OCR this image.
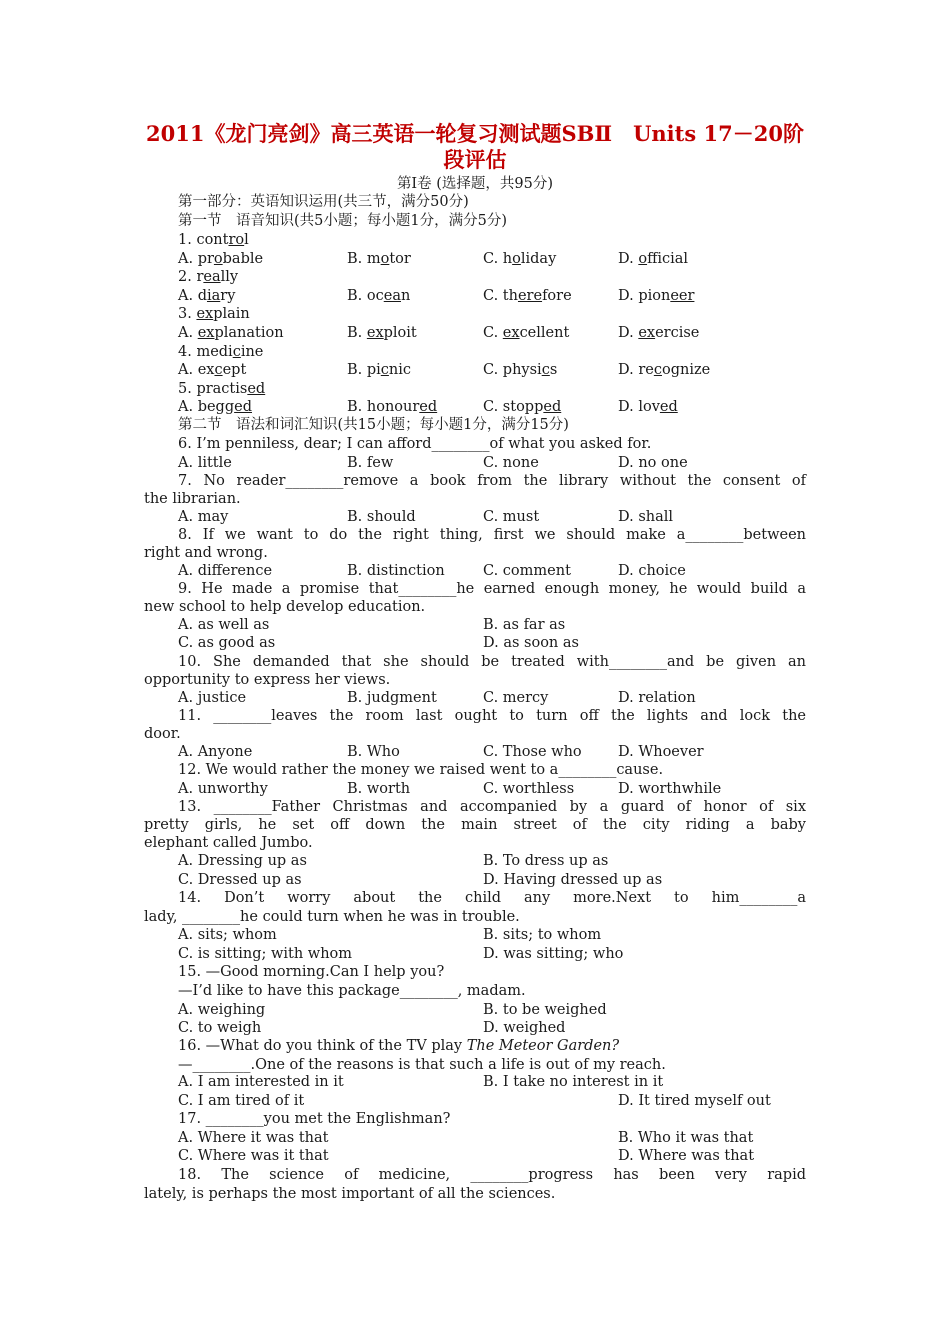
2011《龙门亮剑》高三英语一轮复习测试题SBⅡ　Units 17－20阶
段评估
第Ⅰ卷 (选择题，共95分)
第一部分：英语知识运用(共三节，满分50分)
第一节　语音知识(共5小题；每小题1分，满分5分)
1. control
A. probable	B. motor	C. holiday	D. official
2. really
A. diary	B. ocean	C. therefore	D. pioneer
3. explain
A. explanation	B. exploit	C. excellent	D. exercise
4. medicine
A. except	B. picnic	C. physics	D. recognize
5. practised
A. begged	B. honoured	C. stopped	D. loved
第二节　语法和词汇知识(共15小题；每小题1分，满分15分)
6. I’m penniless, dear; I can afford________of what you asked for.
A. little	B. few	C. none	D. no one
7. No reader________remove a book from the library without the consent of
the librarian.
A. may	B. should	C. must	D. shall
8. If we want to do the right thing, first we should make a________between
right and wrong.
A. difference	B. distinction	C. comment	D. choice
9. He made a promise that________he earned enough money, he would build a
new school to help develop education.
A. as well as	B. as far as
C. as good as	D. as soon as
10. She demanded that she should be treated with________and be given an
opportunity to express her views.
A. justice	B. judgment	C. mercy	D. relation
11. ________leaves the room last ought to turn off the lights and lock the
door.
A. Anyone	B. Who	C. Those who	D. Whoever
12. We would rather the money we raised went to a________cause.
A. unworthy	B. worth	C. worthless	D. worthwhile
13. ________Father Christmas and accompanied by a guard of honor of six
pretty girls, he set off down the main street of the city riding a baby
elephant called Jumbo.
A. Dressing up as	B. To dress up as
C. Dressed up as	D. Having dressed up as
14. Don’t worry about the child any more.Next to him________a
lady, ________he could turn when he was in trouble.
A. sits; whom	B. sits; to whom
C. is sitting; with whom	D. was sitting; who
15. —Good morning.Can I help you?
—I’d like to have this package________, madam.
A. weighing	B. to be weighed
C. to weigh	D. weighed
16. —What do you think of the TV play The Meteor Garden?
—________.One of the reasons is that such a life is out of my reach.
A. I am interested in it	B. I take no interest in it
C. I am tired of it	D. It tired myself out
17. ________you met the Englishman?
A. Where it was that	B. Who it was that
C. Where was it that	D. Where was that
18. The science of medicine, ________progress has been very rapid
lately, is perhaps the most important of all the sciences.
